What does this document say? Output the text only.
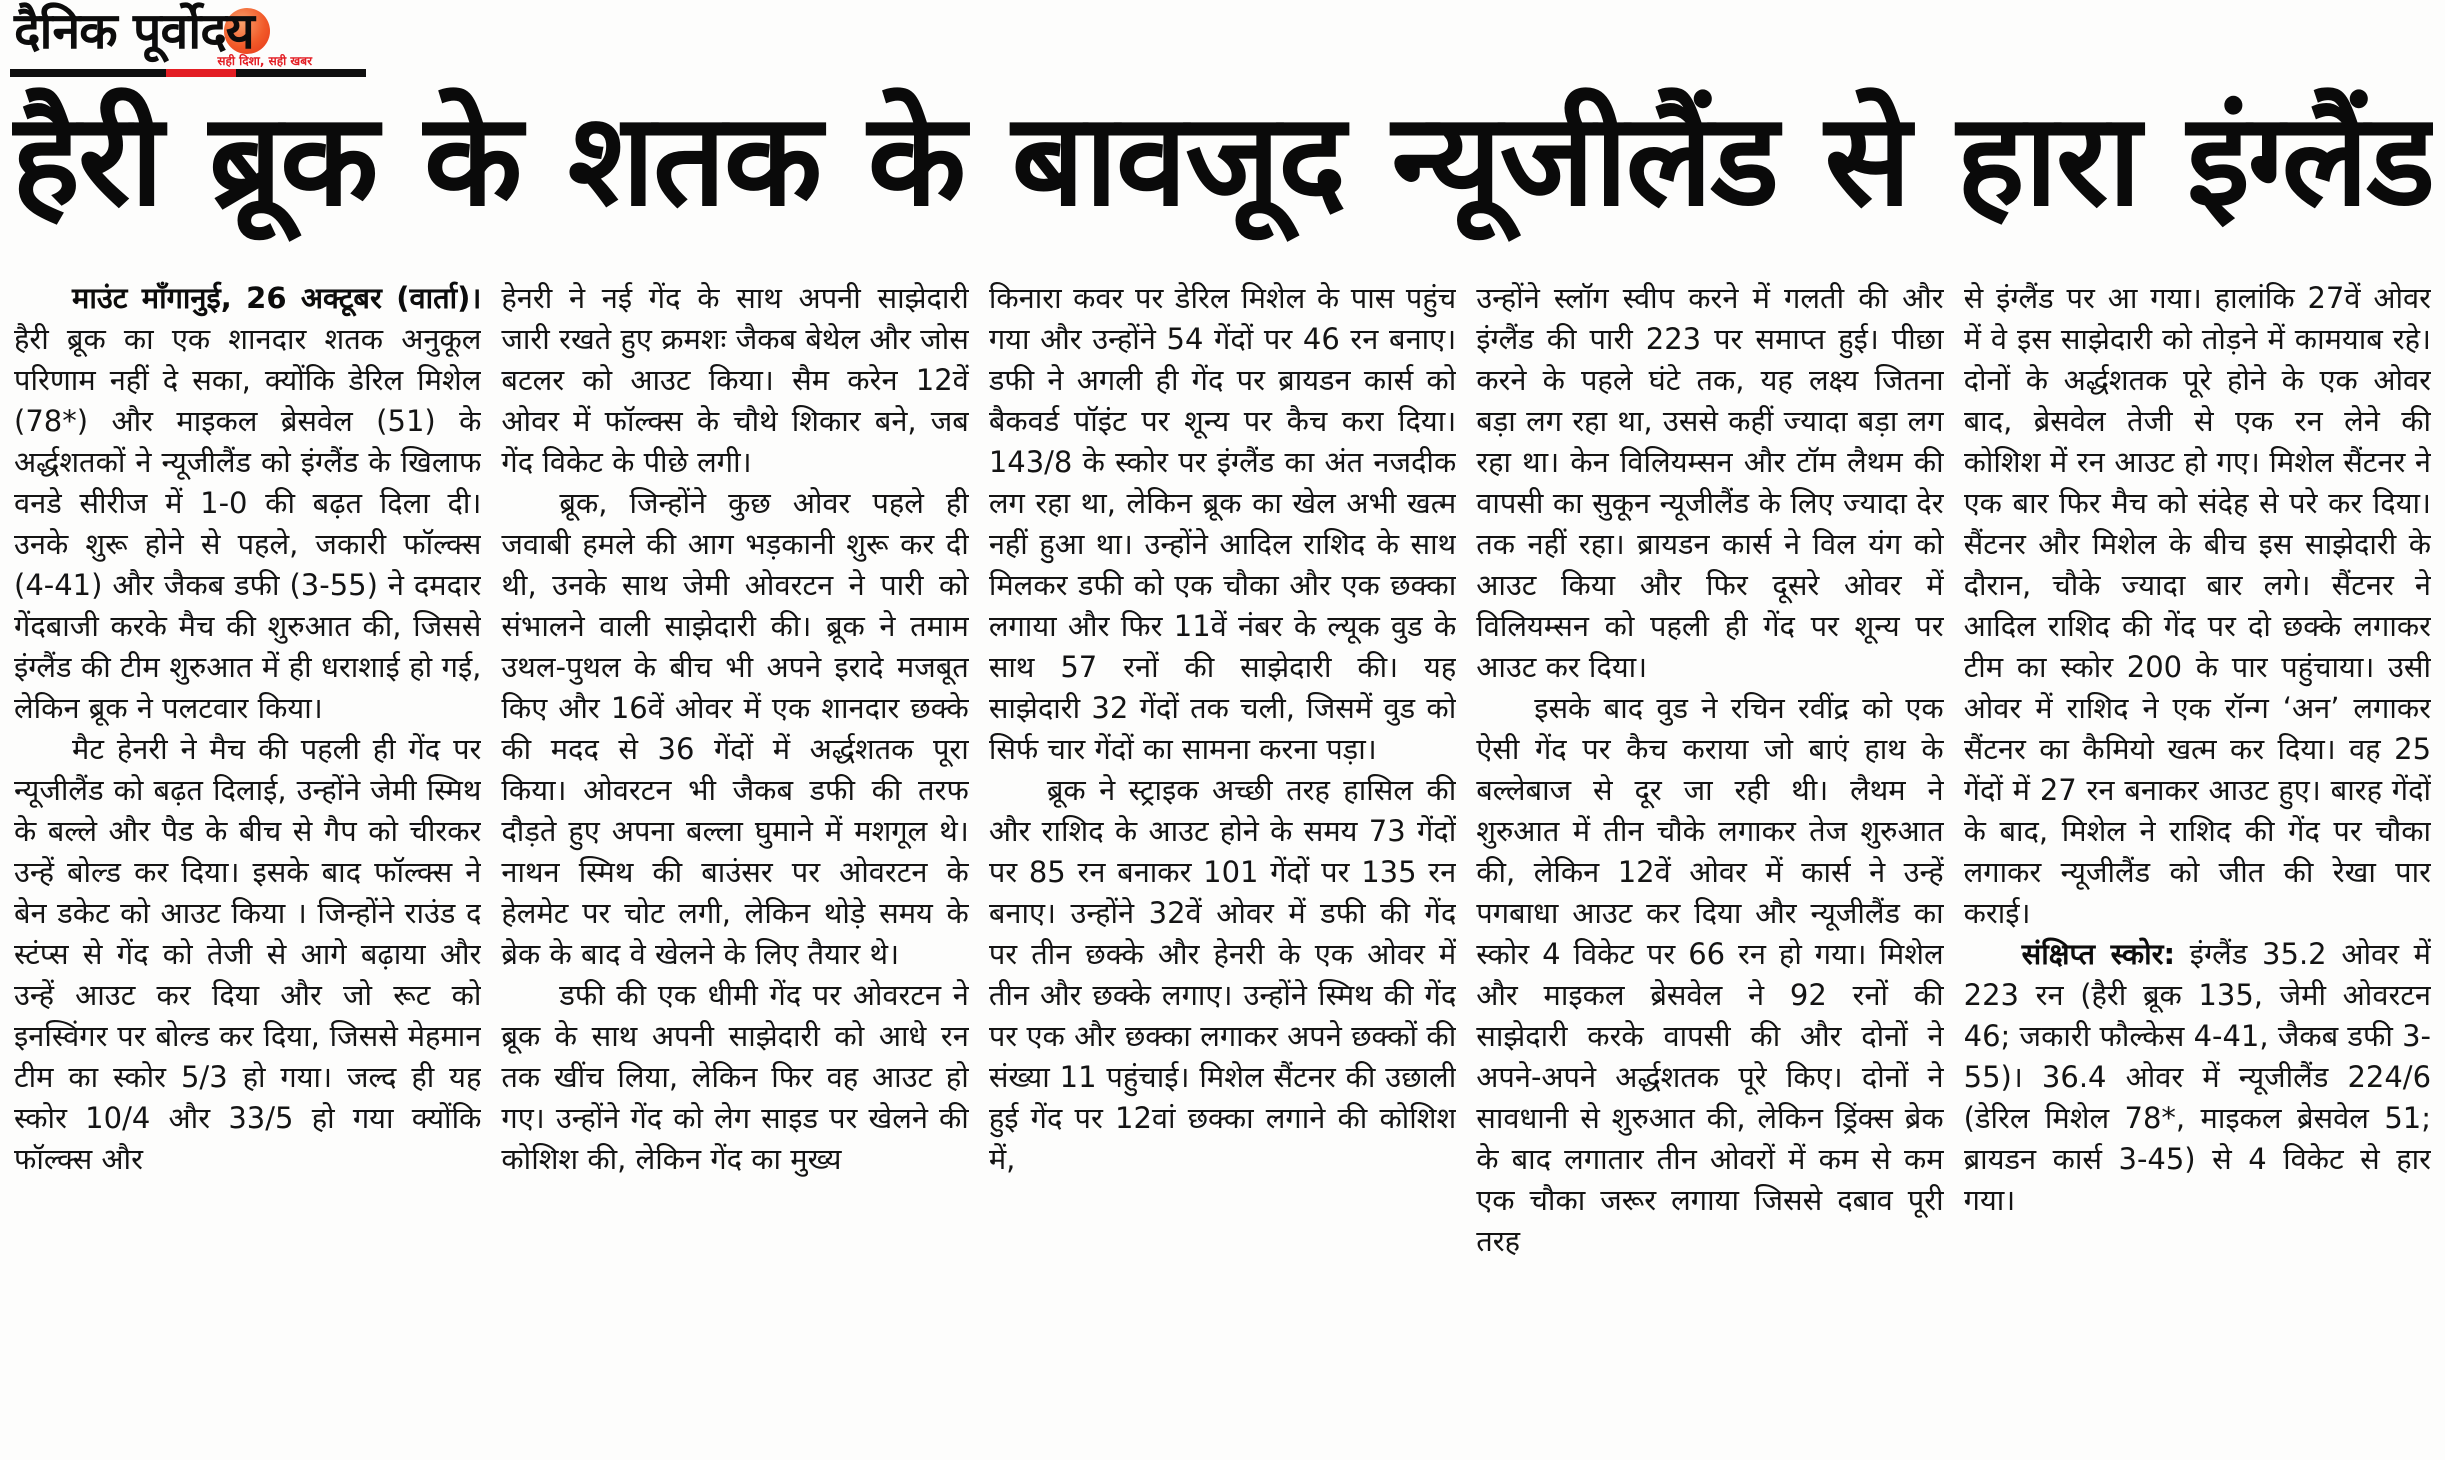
दैनिक पूर्वोदय
सही दिशा, सही खबर
हैरी ब्रूक के शतक के बावजूद न्यूजीलैंड से हारा इंग्लैंड

माउंट मॉंगानुई, 26 अक्टूबर (वार्ता)। हैरी ब्रूक का एक शानदार शतक अनुकूल परिणाम नहीं दे सका, क्योंकि डेरिल मिशेल (78*) और माइकल ब्रेसवेल (51) के अर्द्धशतकों ने न्यूजीलैंड को इंग्लैंड के खिलाफ वनडे सीरीज में 1-0 की बढ़त दिला दी। उनके शुरू होने से पहले, जकारी फॉल्क्स (4-41) और जैकब डफी (3-55) ने दमदार गेंदबाजी करके मैच की शुरुआत की, जिससे इंग्लैंड की टीम शुरुआत में ही धराशाई हो गई, लेकिन ब्रूक ने पलटवार किया।

मैट हेनरी ने मैच की पहली ही गेंद पर न्यूजीलैंड को बढ़त दिलाई, उन्होंने जेमी स्मिथ के बल्ले और पैड के बीच से गैप को चीरकर उन्हें बोल्ड कर दिया। इसके बाद फॉल्क्स ने बेन डकेट को आउट किया । जिन्होंने राउंड द स्टंप्स से गेंद को तेजी से आगे बढ़ाया और उन्हें आउट कर दिया और जो रूट को इनस्विंगर पर बोल्ड कर दिया, जिससे मेहमान टीम का स्कोर 5/3 हो गया। जल्द ही यह स्कोर 10/4 और 33/5 हो गया क्योंकि फॉल्क्स और

हेनरी ने नई गेंद के साथ अपनी साझेदारी जारी रखते हुए क्रमशः जैकब बेथेल और जोस बटलर को आउट किया। सैम करेन 12वें ओवर में फॉल्क्स के चौथे शिकार बने, जब गेंद विकेट के पीछे लगी।

ब्रूक, जिन्होंने कुछ ओवर पहले ही जवाबी हमले की आग भड़कानी शुरू कर दी थी, उनके साथ जेमी ओवरटन ने पारी को संभालने वाली साझेदारी की। ब्रूक ने तमाम उथल-पुथल के बीच भी अपने इरादे मजबूत किए और 16वें ओवर में एक शानदार छक्के की मदद से 36 गेंदों में अर्द्धशतक पूरा किया। ओवरटन भी जैकब डफी की तरफ दौड़ते हुए अपना बल्ला घुमाने में मशगूल थे। नाथन स्मिथ की बाउंसर पर ओवरटन के हेलमेट पर चोट लगी, लेकिन थोड़े समय के ब्रेक के बाद वे खेलने के लिए तैयार थे।

डफी की एक धीमी गेंद पर ओवरटन ने ब्रूक के साथ अपनी साझेदारी को आधे रन तक खींच लिया, लेकिन फिर वह आउट हो गए। उन्होंने गेंद को लेग साइड पर खेलने की कोशिश की, लेकिन गेंद का मुख्य

किनारा कवर पर डेरिल मिशेल के पास पहुंच गया और उन्होंने 54 गेंदों पर 46 रन बनाए। डफी ने अगली ही गेंद पर ब्रायडन कार्स को बैकवर्ड पॉइंट पर शून्य पर कैच करा दिया। 143/8 के स्कोर पर इंग्लैंड का अंत नजदीक लग रहा था, लेकिन ब्रूक का खेल अभी खत्म नहीं हुआ था। उन्होंने आदिल राशिद के साथ मिलकर डफी को एक चौका और एक छक्का लगाया और फिर 11वें नंबर के ल्यूक वुड के साथ 57 रनों की साझेदारी की। यह साझेदारी 32 गेंदों तक चली, जिसमें वुड को सिर्फ चार गेंदों का सामना करना पड़ा।

ब्रूक ने स्ट्राइक अच्छी तरह हासिल की और राशिद के आउट होने के समय 73 गेंदों पर 85 रन बनाकर 101 गेंदों पर 135 रन बनाए। उन्होंने 32वें ओवर में डफी की गेंद पर तीन छक्के और हेनरी के एक ओवर में तीन और छक्के लगाए। उन्होंने स्मिथ की गेंद पर एक और छक्का लगाकर अपने छक्कों की संख्या 11 पहुंचाई। मिशेल सैंटनर की उछाली हुई गेंद पर 12वां छक्का लगाने की कोशिश में,

उन्होंने स्लॉग स्वीप करने में गलती की और इंग्लैंड की पारी 223 पर समाप्त हुई। पीछा करने के पहले घंटे तक, यह लक्ष्य जितना बड़ा लग रहा था, उससे कहीं ज्यादा बड़ा लग रहा था। केन विलियम्सन और टॉम लैथम की वापसी का सुकून न्यूजीलैंड के लिए ज्यादा देर तक नहीं रहा। ब्रायडन कार्स ने विल यंग को आउट किया और फिर दूसरे ओवर में विलियम्सन को पहली ही गेंद पर शून्य पर आउट कर दिया।

इसके बाद वुड ने रचिन रवींद्र को एक ऐसी गेंद पर कैच कराया जो बाएं हाथ के बल्लेबाज से दूर जा रही थी। लैथम ने शुरुआत में तीन चौके लगाकर तेज शुरुआत की, लेकिन 12वें ओवर में कार्स ने उन्हें पगबाधा आउट कर दिया और न्यूजीलैंड का स्कोर 4 विकेट पर 66 रन हो गया। मिशेल और माइकल ब्रेसवेल ने 92 रनों की साझेदारी करके वापसी की और दोनों ने अपने-अपने अर्द्धशतक पूरे किए। दोनों ने सावधानी से शुरुआत की, लेकिन ड्रिंक्स ब्रेक के बाद लगातार तीन ओवरों में कम से कम एक चौका जरूर लगाया जिससे दबाव पूरी तरह

से इंग्लैंड पर आ गया। हालांकि 27वें ओवर में वे इस साझेदारी को तोड़ने में कामयाब रहे। दोनों के अर्द्धशतक पूरे होने के एक ओवर बाद, ब्रेसवेल तेजी से एक रन लेने की कोशिश में रन आउट हो गए। मिशेल सैंटनर ने एक बार फिर मैच को संदेह से परे कर दिया। सैंटनर और मिशेल के बीच इस साझेदारी के दौरान, चौके ज्यादा बार लगे। सैंटनर ने आदिल राशिद की गेंद पर दो छक्के लगाकर टीम का स्कोर 200 के पार पहुंचाया। उसी ओवर में राशिद ने एक रॉन्ग ‘अन’ लगाकर सैंटनर का कैमियो खत्म कर दिया। वह 25 गेंदों में 27 रन बनाकर आउट हुए। बारह गेंदों के बाद, मिशेल ने राशिद की गेंद पर चौका लगाकर न्यूजीलैंड को जीत की रेखा पार कराई।

संक्षिप्त स्कोर: इंग्लैंड 35.2 ओवर में 223 रन (हैरी ब्रूक 135, जेमी ओवरटन 46; जकारी फौल्केस 4-41, जैकब डफी 3-55)। 36.4 ओवर में न्यूजीलैंड 224/6 (डेरिल मिशेल 78*, माइकल ब्रेसवेल 51; ब्रायडन कार्स 3-45) से 4 विकेट से हार गया।
